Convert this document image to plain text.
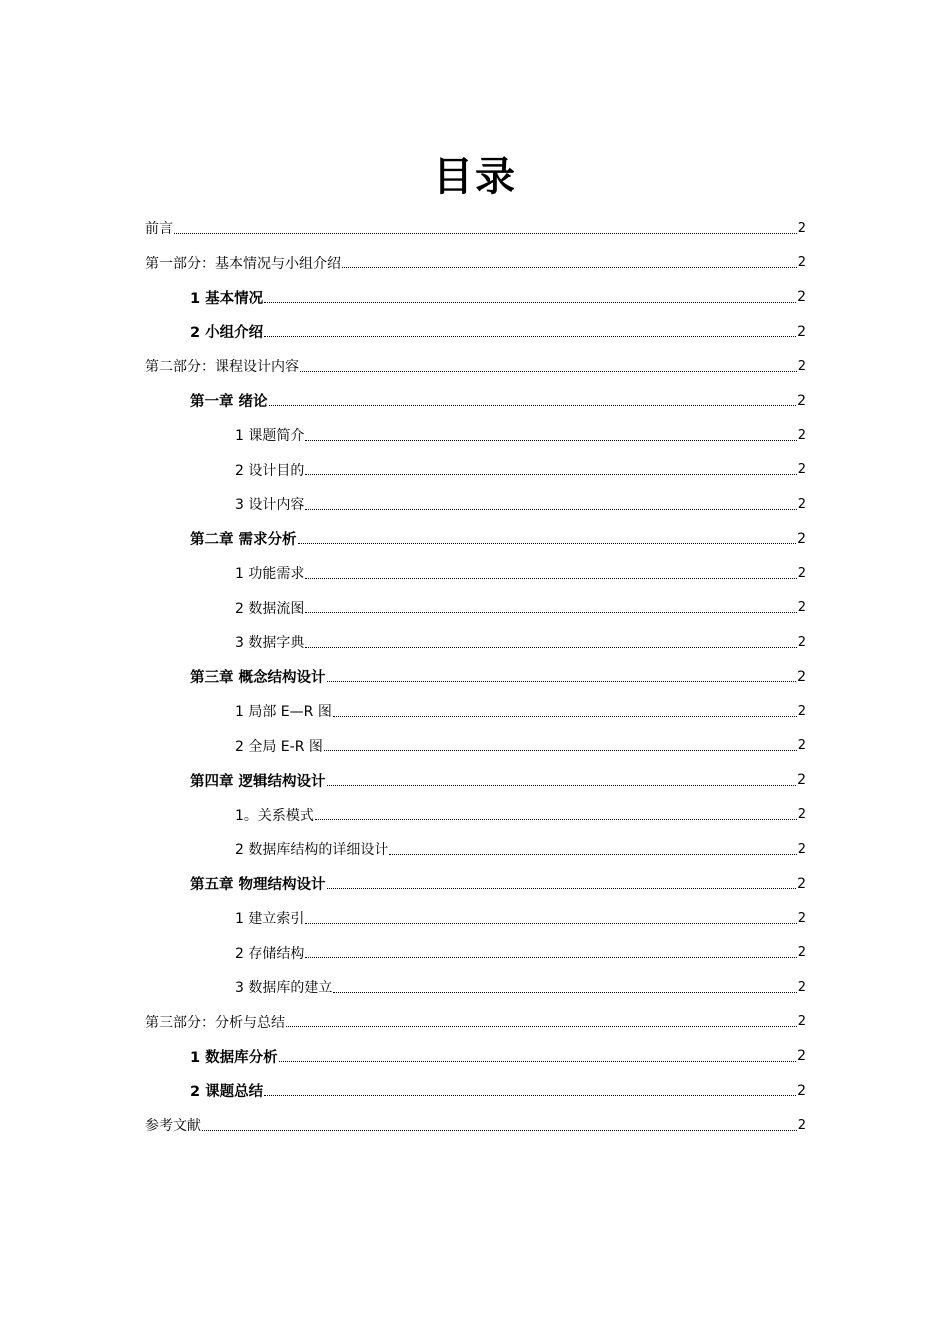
目录
前言	2
第一部分：基本情况与小组介绍	2
1 基本情况	2
2 小组介绍	2
第二部分：课程设计内容	2
第一章 绪论	2
1 课题简介	2
2 设计目的	2
3 设计内容	2
第二章 需求分析	2
1 功能需求	2
2 数据流图	2
3 数据字典	2
第三章 概念结构设计	2
1 局部 E—R 图	2
2 全局 E-R 图	2
第四章 逻辑结构设计	2
1。关系模式	2
2 数据库结构的详细设计	2
第五章 物理结构设计	2
1 建立索引	2
2 存储结构	2
3 数据库的建立	2
第三部分：分析与总结	2
1 数据库分析	2
2 课题总结	2
参考文献	2
